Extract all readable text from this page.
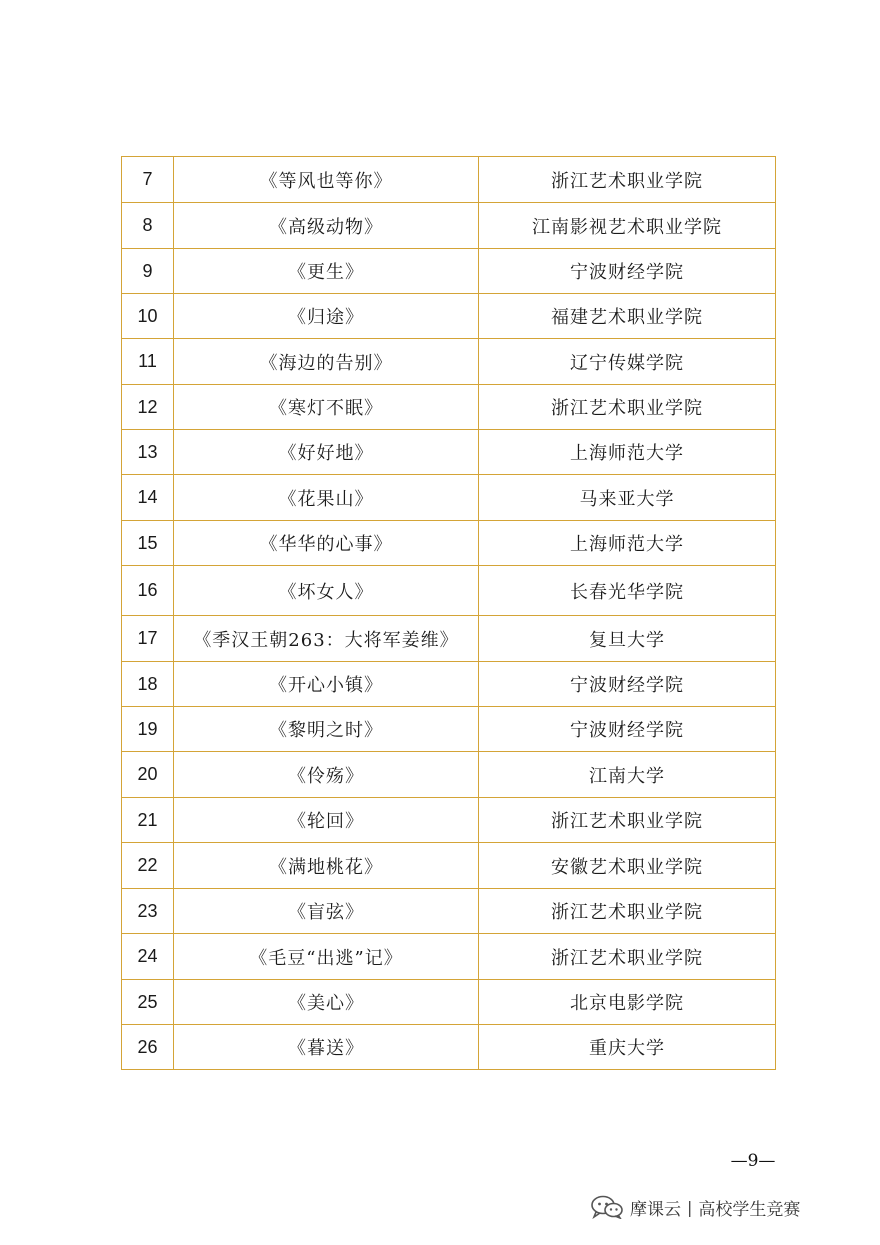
7	《等风也等你》	浙江艺术职业学院
8	《高级动物》	江南影视艺术职业学院
9	《更生》	宁波财经学院
10	《归途》	福建艺术职业学院
11	《海边的告别》	辽宁传媒学院
12	《寒灯不眠》	浙江艺术职业学院
13	《好好地》	上海师范大学
14	《花果山》	马来亚大学
15	《华华的心事》	上海师范大学
16	《坏女人》	长春光华学院
17	《季汉王朝263：大将军姜维》	复旦大学
18	《开心小镇》	宁波财经学院
19	《黎明之时》	宁波财经学院
20	《伶殇》	江南大学
21	《轮回》	浙江艺术职业学院
22	《满地桃花》	安徽艺术职业学院
23	《盲弦》	浙江艺术职业学院
24	《毛豆“出逃”记》	浙江艺术职业学院
25	《美心》	北京电影学院
26	《暮送》	重庆大学
—9—
摩课云 | 高校学生竞赛
